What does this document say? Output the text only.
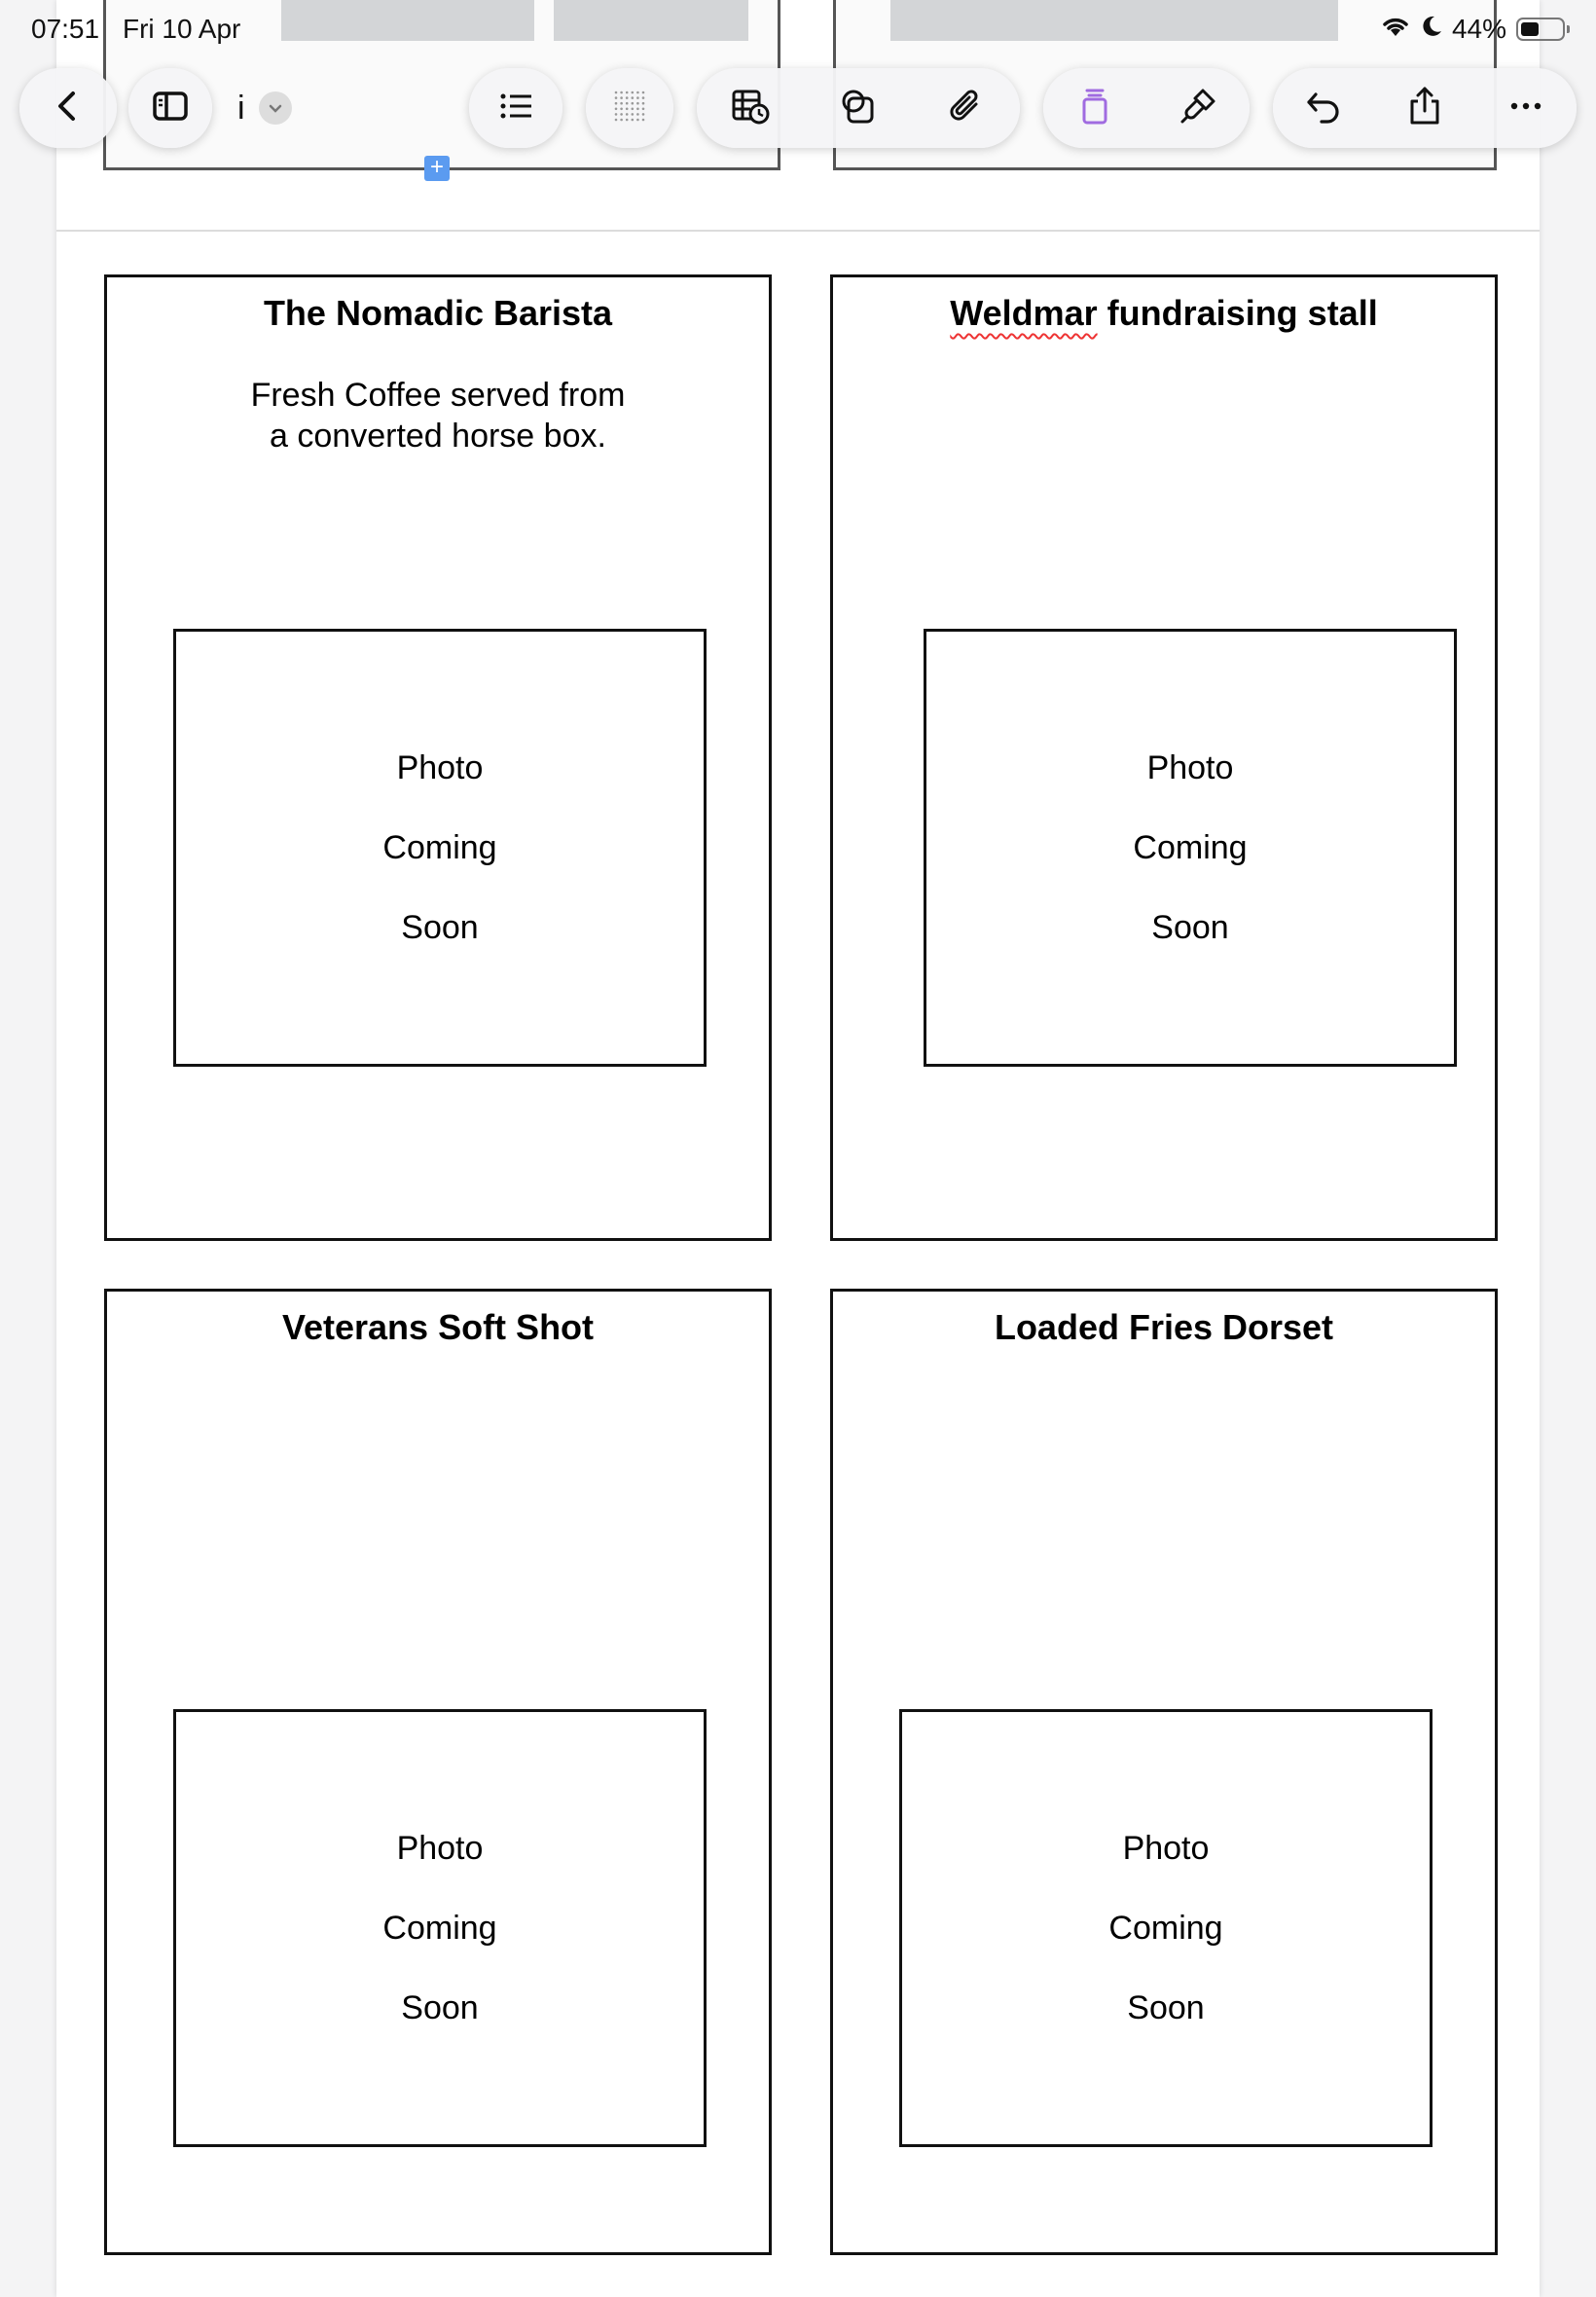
+
07:51 Fri 10 Apr	44%
i
The Nomadic Barista
Fresh Coffee served from
a converted horse box.
Photo
Coming
Soon
Weldmar fundraising stall
Photo
Coming
Soon
Veterans Soft Shot
Photo
Coming
Soon
Loaded Fries Dorset
Photo
Coming
Soon
